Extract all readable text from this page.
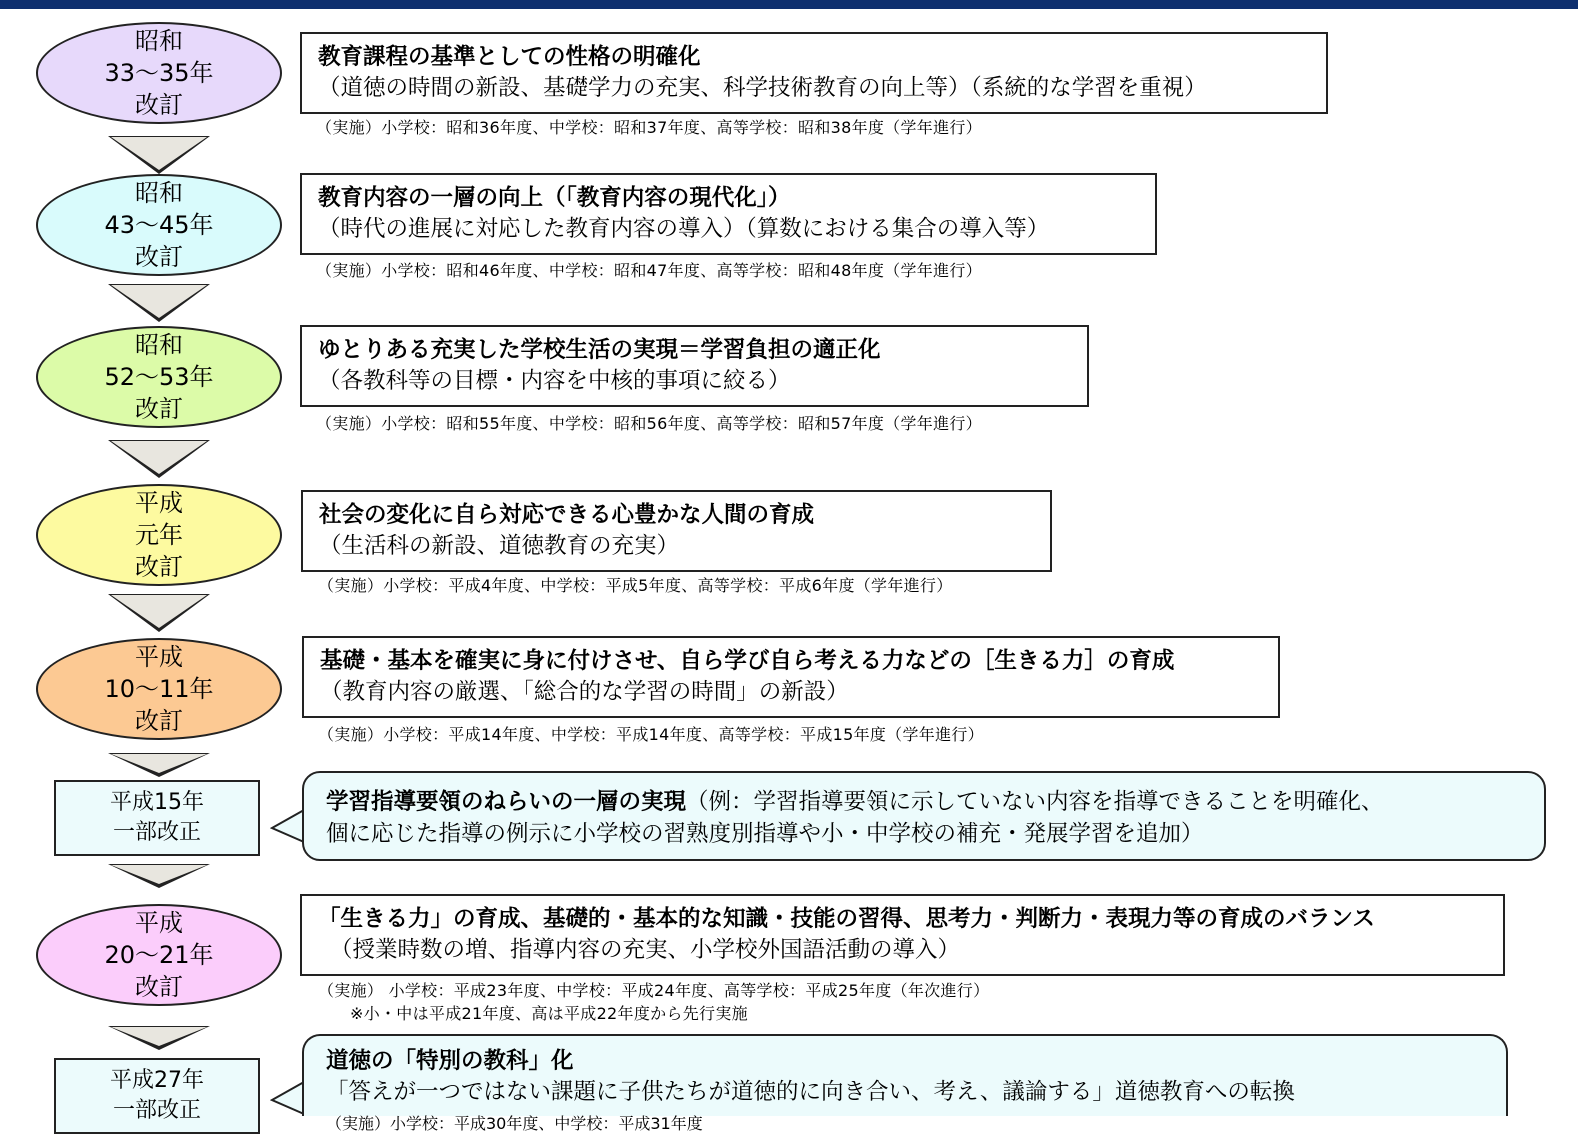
昭和
33～35年
改訂
教育課程の基準としての性格の明確化
（道徳の時間の新設、基礎学力の充実、科学技術教育の向上等）（系統的な学習を重視）
（実施）小学校：昭和36年度、中学校：昭和37年度、高等学校：昭和38年度（学年進行）
昭和
43～45年
改訂
教育内容の一層の向上（「教育内容の現代化」）
（時代の進展に対応した教育内容の導入）（算数における集合の導入等）
（実施）小学校：昭和46年度、中学校：昭和47年度、高等学校：昭和48年度（学年進行）
昭和
52～53年
改訂
ゆとりある充実した学校生活の実現＝学習負担の適正化
（各教科等の目標・内容を中核的事項に絞る）
（実施）小学校：昭和55年度、中学校：昭和56年度、高等学校：昭和57年度（学年進行）
平成
元年
改訂
社会の変化に自ら対応できる心豊かな人間の育成
（生活科の新設、道徳教育の充実）
（実施）小学校：平成4年度、中学校：平成5年度、高等学校：平成6年度（学年進行）
平成
10～11年
改訂
基礎・基本を確実に身に付けさせ、自ら学び自ら考える力などの［生きる力］の育成
（教育内容の厳選、「総合的な学習の時間」の新設）
（実施）小学校：平成14年度、中学校：平成14年度、高等学校：平成15年度（学年進行）
平成15年
一部改正
学習指導要領のねらいの一層の実現（例：学習指導要領に示していない内容を指導できることを明確化、
個に応じた指導の例示に小学校の習熟度別指導や小・中学校の補充・発展学習を追加）
平成
20～21年
改訂
「生きる力」の育成、基礎的・基本的な知識・技能の習得、思考力・判断力・表現力等の育成のバランス
（授業時数の増、指導内容の充実、小学校外国語活動の導入）
（実施） 小学校：平成23年度、中学校：平成24年度、高等学校：平成25年度（年次進行）
※小・中は平成21年度、高は平成22年度から先行実施
平成27年
一部改正
道徳の「特別の教科」化
「答えが一つではない課題に子供たちが道徳的に向き合い、考え、議論する」道徳教育への転換
（実施）小学校：平成30年度、中学校：平成31年度
